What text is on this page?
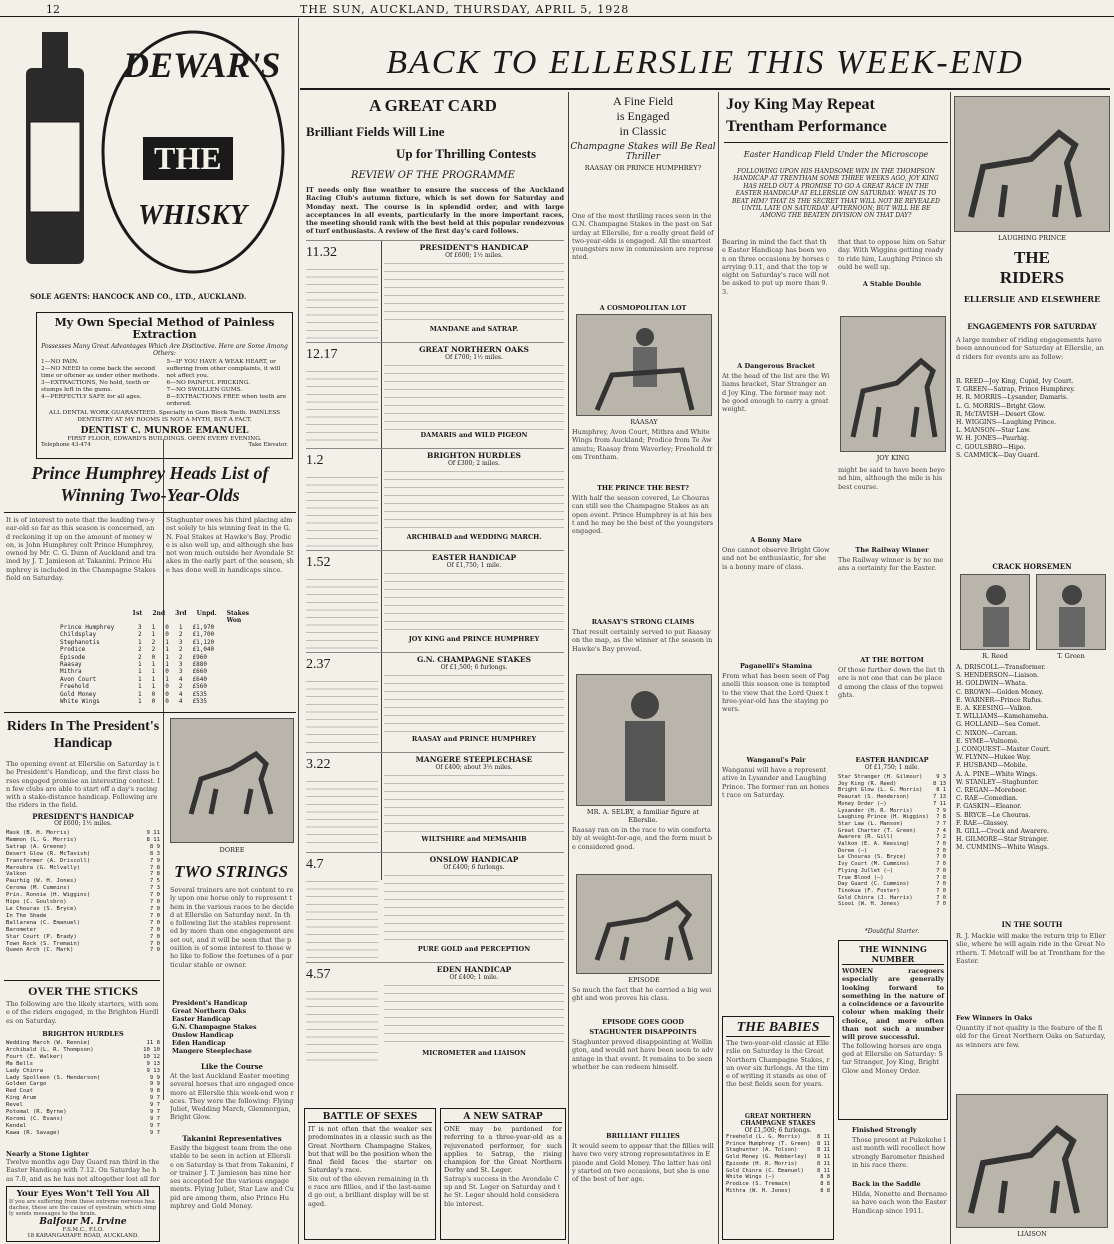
12	THE SUN, AUCKLAND, THURSDAY, APRIL 5, 1928
BACK TO ELLERSLIE THIS WEEK-END
DEWAR'S
THE
WHISKY
SOLE AGENTS: HANCOCK AND CO., LTD., AUCKLAND.
My Own Special Method of Painless Extraction
Possesses Many Great Advantages Which Are Distinctive. Here are Some Among Others:
1—NO PAIN.
2—NO NEED to come back the second time or oftener as under other methods.
3—EXTRACTIONS, No hold, teeth or stumps left in the gums.
4—PERFECTLY SAFE for all ages.
5—IF YOU HAVE A WEAK HEART, or suffering from other complaints, it will not affect you.
6—NO PAINFUL PRICKING.
7—NO SWOLLEN GUMS.
8—EXTRACTIONS FREE when teeth are ordered.
ALL DENTAL WORK GUARANTEED. Specialty in Gum Block Teeth. PAINLESS DENTISTRY AT MY ROOMS IS NOT A MYTH, BUT A FACT.
DENTIST C. MUNROE EMANUEL
FIRST FLOOR, EDWARD'S BUILDINGS. OPEN EVERY EVENING.
Telephone 43-474	Take Elevator.
Prince Humphrey Heads List of Winning Two-Year-Olds
It is of interest to note that the leading two-year-old so far as this season is concerned, and reckoning it up on the amount of money won, is John Humphrey colt Prince Humphrey, owned by Mr. C. G. Dunn of Auckland and trained by J. T. Jamieson at Takanini. Prince Humphrey is included in the Champagne Stakes field on Saturday.
Staghunter owes his third placing almost solely to his winning feat in the G.N. Foal Stakes at Hawke's Bay. Prodice is also well up, and although she has not won much outside her Avondale Stakes in the early part of the season, she has done well in handicaps since.
1st 2nd 3rd Unpd. Stakes Won
Prince Humphrey	3 1 0 1 £1,970
Childsplay	2 1 0 2 £1,700
Stephanotis	1 2 1 3 £1,120
Prodice	2 2 1 2 £1,040
Episode	2 0 1 2 £960
Raasay	1 1 1 3 £880
Mithra	1 1 0 3 £660
Avon Court	1 1 1 4 £640
Freehold	1 1 0 2 £560
Gold Money	1 0 0 4 £535
White Wings	1 0 0 4 £535
Riders In The President's Handicap
DOREE
The opening event at Ellerslie on Saturday is the President's Handicap, and the first class horses engaged promise an interesting contest. In few clubs are able to start off a day's racing with a stake-distance handicap. Following are the riders in the field.
PRESIDENT'S HANDICAP
Of £600; 1½ miles.
Mask (B. H. Morris)	9 11
Mammon (L. G. Morris)	8 11
Satrap (A. Greene)	8 9
Desert Glow (R. McTavish)	8 3
Transformer (A. Driscoll)	7 9
Maroubra (G. Mclvally)	7 8
Valkon	7 8
Paurhig (W. H. Jones)	7 5
Ceroma (M. Cummins)	7 3
Prin. Ronnie (H. Wiggins)	7 0
Hipo (C. Goulsbro)	7 0
Le Chouras (S. Bryce)	7 0
In The Shade	7 0
Ballarena (C. Emanuel)	7 0
Barometer	7 0
Star Court (P. Brady)	7 0
Town Rock (S. Tremain)	7 0
Queen Arch (C. Mark)	7 0
TWO STRINGS
Several trainers are not content to rely upon one horse only to represent them in the various races to be decided at Ellerslie on Saturday next. In the following list the stables represented by more than one engagement are set out, and it will be seen that the position is of some interest to those who like to follow the fortunes of a particular stable or owner.
President's Handicap
Great Northern Oaks
Easter Handicap
G.N. Champagne Stakes
Onslow Handicap
Eden Handicap
Mangere Steeplechase
Like the Course
At the last Auckland Easter meeting several horses that are engaged once more at Ellerslie this week-end won races. They were the following: Flying Juliet, Wedding March, Glenmorgan, Bright Glow.
Takanini Representatives
Easily the biggest team from the one stable to be seen in action at Ellerslie on Saturday is that from Takanini, for trainer J. T. Jamieson has nine horses accepted for the various engagements. Flying Juliet, Star Law and Cupid are among them, also Prince Humphrey and Gold Money.
OVER THE STICKS
The following are the likely starters, with some of the riders engaged, in the Brighton Hurdles on Saturday.
BRIGHTON HURDLES
Wedding March (W. Rennie)	11 8
Archibald (L. R. Thompson)	10 10
Fourt (E. Walker)	10 12
Ma Bells	9 13
Lady Chinra	9 13
Lady Spolleen (S. Henderson)	9 9
Golden Cargo	9 9
Red Coat	9 8
King Arum	9 7
Revel	9 7
Potomal (R. Byrne)	9 7
Koromi (C. Evans)	9 7
Kendal	9 7
Kawa (R. Savage)	9 7
Nearly a Stone Lighter
Twelve months ago Day Guard ran third in the Easter Handicap with 7.12. On Saturday he has 7.0, and as he has not altogether lost all for
Your Eyes Won't Tell You All
If you are suffering from those extreme nervous headaches, these are the cause of eyestrain, which simply sends messages to the brain.
Balfour M. Irvine
F.S.M.C., F.I.O.
18 KARANGAHAPE ROAD, AUCKLAND.
A GREAT CARD
Brilliant Fields Will Line
Up for Thrilling Contests
REVIEW OF THE PROGRAMME
IT needs only fine weather to ensure the success of the Auckland Racing Club's autumn fixture, which is set down for Saturday and Monday next. The course is in splendid order, and with large acceptances in all events, particularly in the more important races, the meeting should rank with the best held at this popular rendezvous of turf enthusiasts. A review of the first day's card follows.
11.32	PRESIDENT'S HANDICAP
Of £600; 1½ miles.
MANDANE and SATRAP.
12.17	GREAT NORTHERN OAKS
Of £700; 1½ miles.
DAMARIS and WILD PIGEON
1.2	BRIGHTON HURDLES
Of £300; 2 miles.
ARCHIBALD and WEDDING MARCH.
1.52	EASTER HANDICAP
Of £1,750; 1 mile.
JOY KING and PRINCE HUMPHREY
2.37	G.N. CHAMPAGNE STAKES
Of £1,500; 6 furlongs.
RAASAY and PRINCE HUMPHREY
3.22	MANGERE STEEPLECHASE
Of £400; about 3½ miles.
WILTSHIRE and MEMSAHIB
4.7	ONSLOW HANDICAP
Of £400; 6 furlongs.
PURE GOLD and PERCEPTION
4.57	EDEN HANDICAP
Of £400; 1 mile.
MICROMETER and LIAISON
BATTLE OF SEXES
IT is not often that the weaker sex predominates in a classic such as the Great Northern Champagne Stakes, but that will be the position when the final field faces the starter on Saturday's race.
Six out of the eleven remaining in the race are fillies, and if the last-named go out, a brilliant display will be staged.
A NEW SATRAP
ONE may be pardoned for referring to a three-year-old as a rejuvenated performer, for such applies to Satrap, the rising champion for the Great Northern Derby and St. Leger.
Satrap's success in the Avondale Cup and St. Leger on Saturday and the St. Leger should hold considerable interest.
A Fine Field
is Engaged
in Classic
Champagne Stakes will Be Real Thriller
RAASAY OR PRINCE HUMPHREY?
One of the most thrilling races seen in the G.N. Champagne Stakes in the past on Saturday at Ellerslie, for a really great field of two-year-olds is engaged. All the smartest youngsters now in commission are represented.
A COSMOPOLITAN LOT
RAASAY
Humphrey, Avon Court, Mithra and White Wings from Auckland; Prodice from Te Awamutu; Raasay from Waverley; Freehold from Trentham.
THE PRINCE THE BEST?
With half the season covered, Le Chouras can still see the Champagne Stakes as an open event. Prince Humphrey is at his best and he may be the best of the youngsters engaged.
RAASAY'S STRONG CLAIMS
That result certainly served to put Raasay on the map, as the winner at the season in Hawke's Bay proved.
MR. A. SELBY, a familiar figure at Ellerslie.
Raasay ran on in the race to win comfortably at weight-for-age, and the form must be considered good.
EPISODE
So much the fact that he carried a big weight and won proves his class.
EPISODE GOES GOOD
STAGHUNTER DISAPPOINTS
Staghunter proved disappointing at Wellington, and would not have been seen to advantage in that event. It remains to be seen whether he can redeem himself.
BRILLIANT FILLIES
It would seem to appear that the fillies will have two very strong representatives in Episode and Gold Money. The latter has only started on two occasions, but she is one of the best of her age.
Joy King May Repeat
Trentham Performance
Easter Handicap Field Under the Microscope
FOLLOWING UPON HIS HANDSOME WIN IN THE THOMPSON HANDICAP AT TRENTHAM SOME THREE WEEKS AGO, JOY KING HAS HELD OUT A PROMISE TO GO A GREAT RACE IN THE EASTER HANDICAP AT ELLERSLIE ON SATURDAY. WHAT IS TO BEAT HIM? THAT IS THE SECRET THAT WILL NOT BE REVEALED UNTIL LATE ON SATURDAY AFTERNOON; BUT WILL HE BE AMONG THE BEATEN DIVISION ON THAT DAY?
Bearing in mind the fact that the Easter Handicap has been won on three occasions by horses carrying 9.11, and that the top weight on Saturday's race will not be asked to put up more than 9.3.
that that to oppose him on Saturday. With Wiggins getting ready to ride him, Laughing Prince should be well up.
A Stable Double
JOY KING
A Dangerous Bracket
At the head of the list are the Wiliams bracket, Star Stranger and Joy King. The former may not be good enough to carry a great weight.
might be said to have been beyond him, although the mile is his best course.
A Bonny Mare
One cannot observe Bright Glow and not be enthusiastic, for she is a bonny mare of class.
The Railway Winner
The Railway winner is by no means a certainty for the Easter.
AT THE BOTTOM
Of those further down the list there is not one that can be placed among the class of the topweights.
Paganelli's Stamina
From what has been seen of Paganelli this season one is tempted to the view that the Lord Quex three-year-old has the staying powers.
Wanganui's Pair
Wanganui will have a representative in Lysander and Laughing Prince. The former ran an honest race on Saturday.
EASTER HANDICAP
Of £1,750; 1 mile.
Star Stranger (H. Gilmour)	9 3
Joy King (R. Reed)	8 13
Bright Glow (L. G. Morris)	8 1
Peaurat (S. Henderson)	7 13
Money Order (—)	7 11
Lysander (H. R. Morris)	7 9
Laughing Prince (H. Wiggins) 7 8
Star Law (L. Manson)	7 7
Great Charter (T. Green)	7 4
Awarere (R. Gill)	7 2
Valkon (E. A. Keesing)	7 0
Doree (—)	7 0
Le Chouras (S. Bryce)	7 0
Ivy Court (M. Cummins)	7 0
Flying Jullet (—)	7 0
True Blood (—)	7 0
Day Guard (C. Cummins)	7 0
Tinokua (F. Foster)	7 0
Gold Chinra (J. Harris)	7 0
Siooi (W. H. Jones)	7 0
*Doubtful Starter.
THE WINNING NUMBER
WOMEN racegoers especially are generally looking forward to something in the nature of a coincidence or a favourite colour when making their choice, and more often than not such a number will prove successful.
The following horses are engaged at Ellerslie on Saturday: Star Stranger, Joy King, Bright Glow and Money Order.
THE BABIES
The two-year-old classic at Ellerslie on Saturday is the Great Northern Champagne Stakes, run over six furlongs. At the time of writing it stands as one of the best fields seen for years.
GREAT NORTHERN CHAMPAGNE STAKES
Of £1,500; 6 furlongs.
Freehold (L. G. Morris)	8 11
Prince Humphrey (T. Green) 8 11
Staghunter (A. Tolson)	8 11
Gold Money (G. Mobberley) 8 11
Episode (H. R. Morris)	8 11
Gold Chinra (C. Emanuel) 8 11
White Wings (—)	8 8
Prodice (S. Tremain)	8 8
Mithra (W. H. Jones)	8 8
LAUGHING PRINCE
THE
RIDERS
ELLERSLIE AND ELSEWHERE
ENGAGEMENTS FOR SATURDAY
A large number of riding engagements have been announced for Saturday at Ellerslie, and riders for events are as follow:
R. REED—Joy King, Cupid, Ivy Court.
T. GREEN—Satrap, Prince Humphrey.
H. R. MORRIS—Lysander, Damaris.
L. G. MORRIS—Bright Glow.
R. McTAVISH—Desert Glow.
H. WIGGINS—Laughing Prince.
L. MANSON—Star Law.
W. H. JONES—Paurhig.
C. GOULSBRO—Hipo.
S. CAMMICK—Day Guard.
CRACK HORSEMEN
R. Reed	T. Green
A. DRISCOLL—Transformer.
S. HENDERSON—Liaison.
H. GOLDWIN—Whata.
C. BROWN—Golden Money.
E. WARNER—Prince Rufus.
E. A. KEESING—Valkon.
T. WILLIAMS—Kamehameha.
G. HOLLAND—Sea Comet.
C. NIXON—Carcan.
E. SYME—Vulnome.
J. CONQUEST—Master Court.
W. FLYNN—Hukee Way.
F. HUSBAND—Mobile.
A. A. PINE—White Wings.
W. STANLEY—Staghunter.
C. REGAN—Morebeer.
C. RAE—Comedian.
F. GASKIN—Eleanor.
S. BRYCE—Le Chouras.
F. RAE—Glassey.
R. GILL—Crock and Awarere.
H. GILMORE—Star Stranger.
M. CUMMINS—White Wings.
IN THE SOUTH
R. J. Mackie will make the return trip to Ellerslie, where he will again ride in the Great Northern. T. Metcalf will be at Trentham for the Easter.
Few Winners in Oaks
Quantity if not quality is the feature of the field for the Great Northern Oaks on Saturday, as winners are few.
Finished Strongly
Those present at Pukekohe last month will recollect how strongly Barometer finished in his race there.
Back in the Saddle
Hilda, Nonette and Bernamosa have each won the Easter Handicap since 1911.
LIAISON
